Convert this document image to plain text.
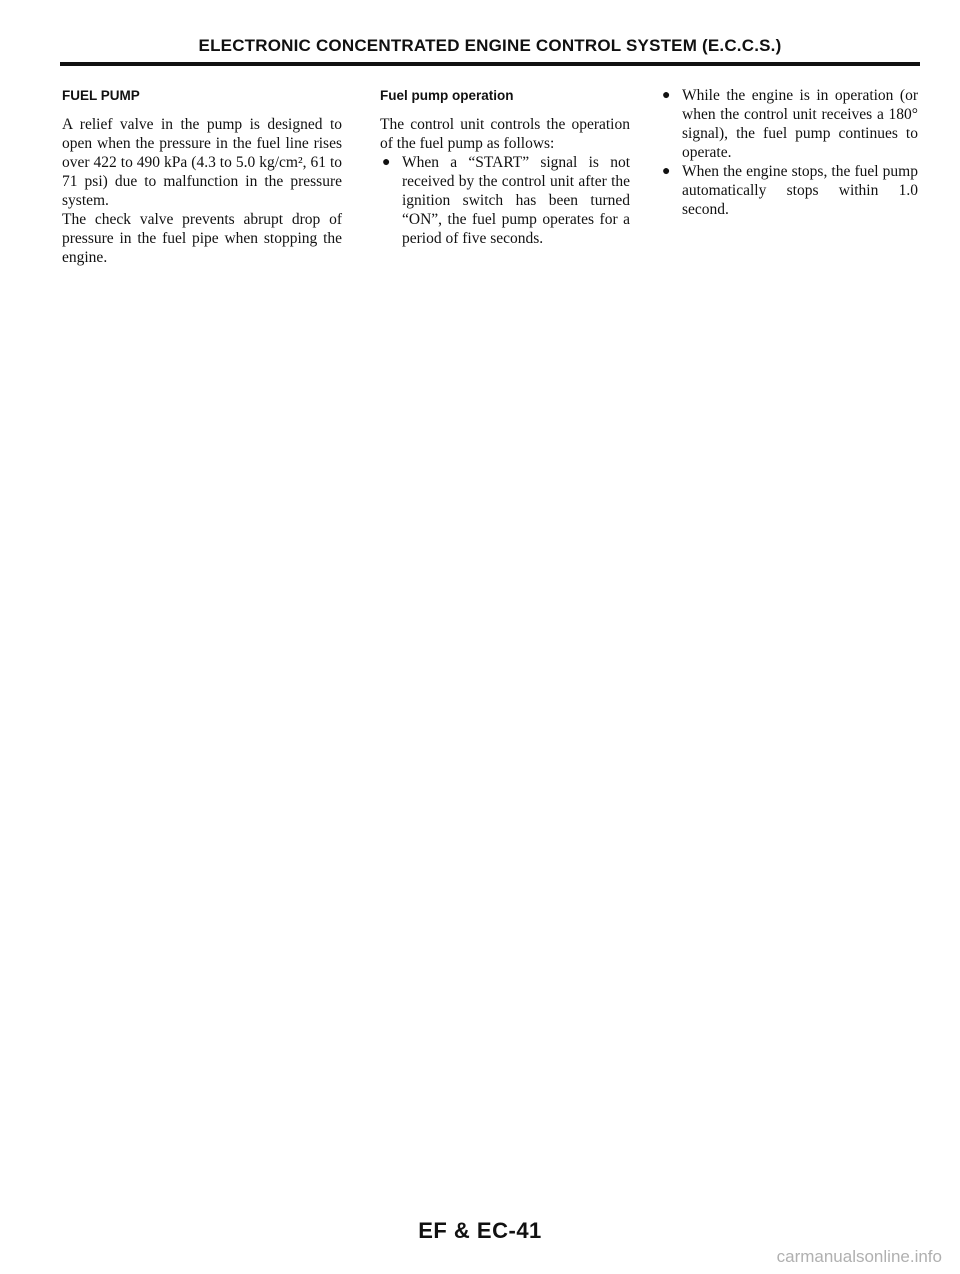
ELECTRONIC CONCENTRATED ENGINE CONTROL SYSTEM (E.C.C.S.)
FUEL PUMP

A relief valve in the pump is designed to open when the pressure in the fuel line rises over 422 to 490 kPa (4.3 to 5.0 kg/cm², 61 to 71 psi) due to malfunction in the pressure system.

The check valve prevents abrupt drop of pressure in the fuel pipe when stopping the engine.

Fuel pump operation

The control unit controls the operation of the fuel pump as follows:

● When a “START” signal is not received by the control unit after the ignition switch has been turned “ON”, the fuel pump operates for a period of five seconds.
● While the engine is in operation (or when the control unit receives a 180° signal), the fuel pump continues to operate.
● When the engine stops, the fuel pump automatically stops within 1.0 second.
EF & EC-41
carmanualsonline.info
